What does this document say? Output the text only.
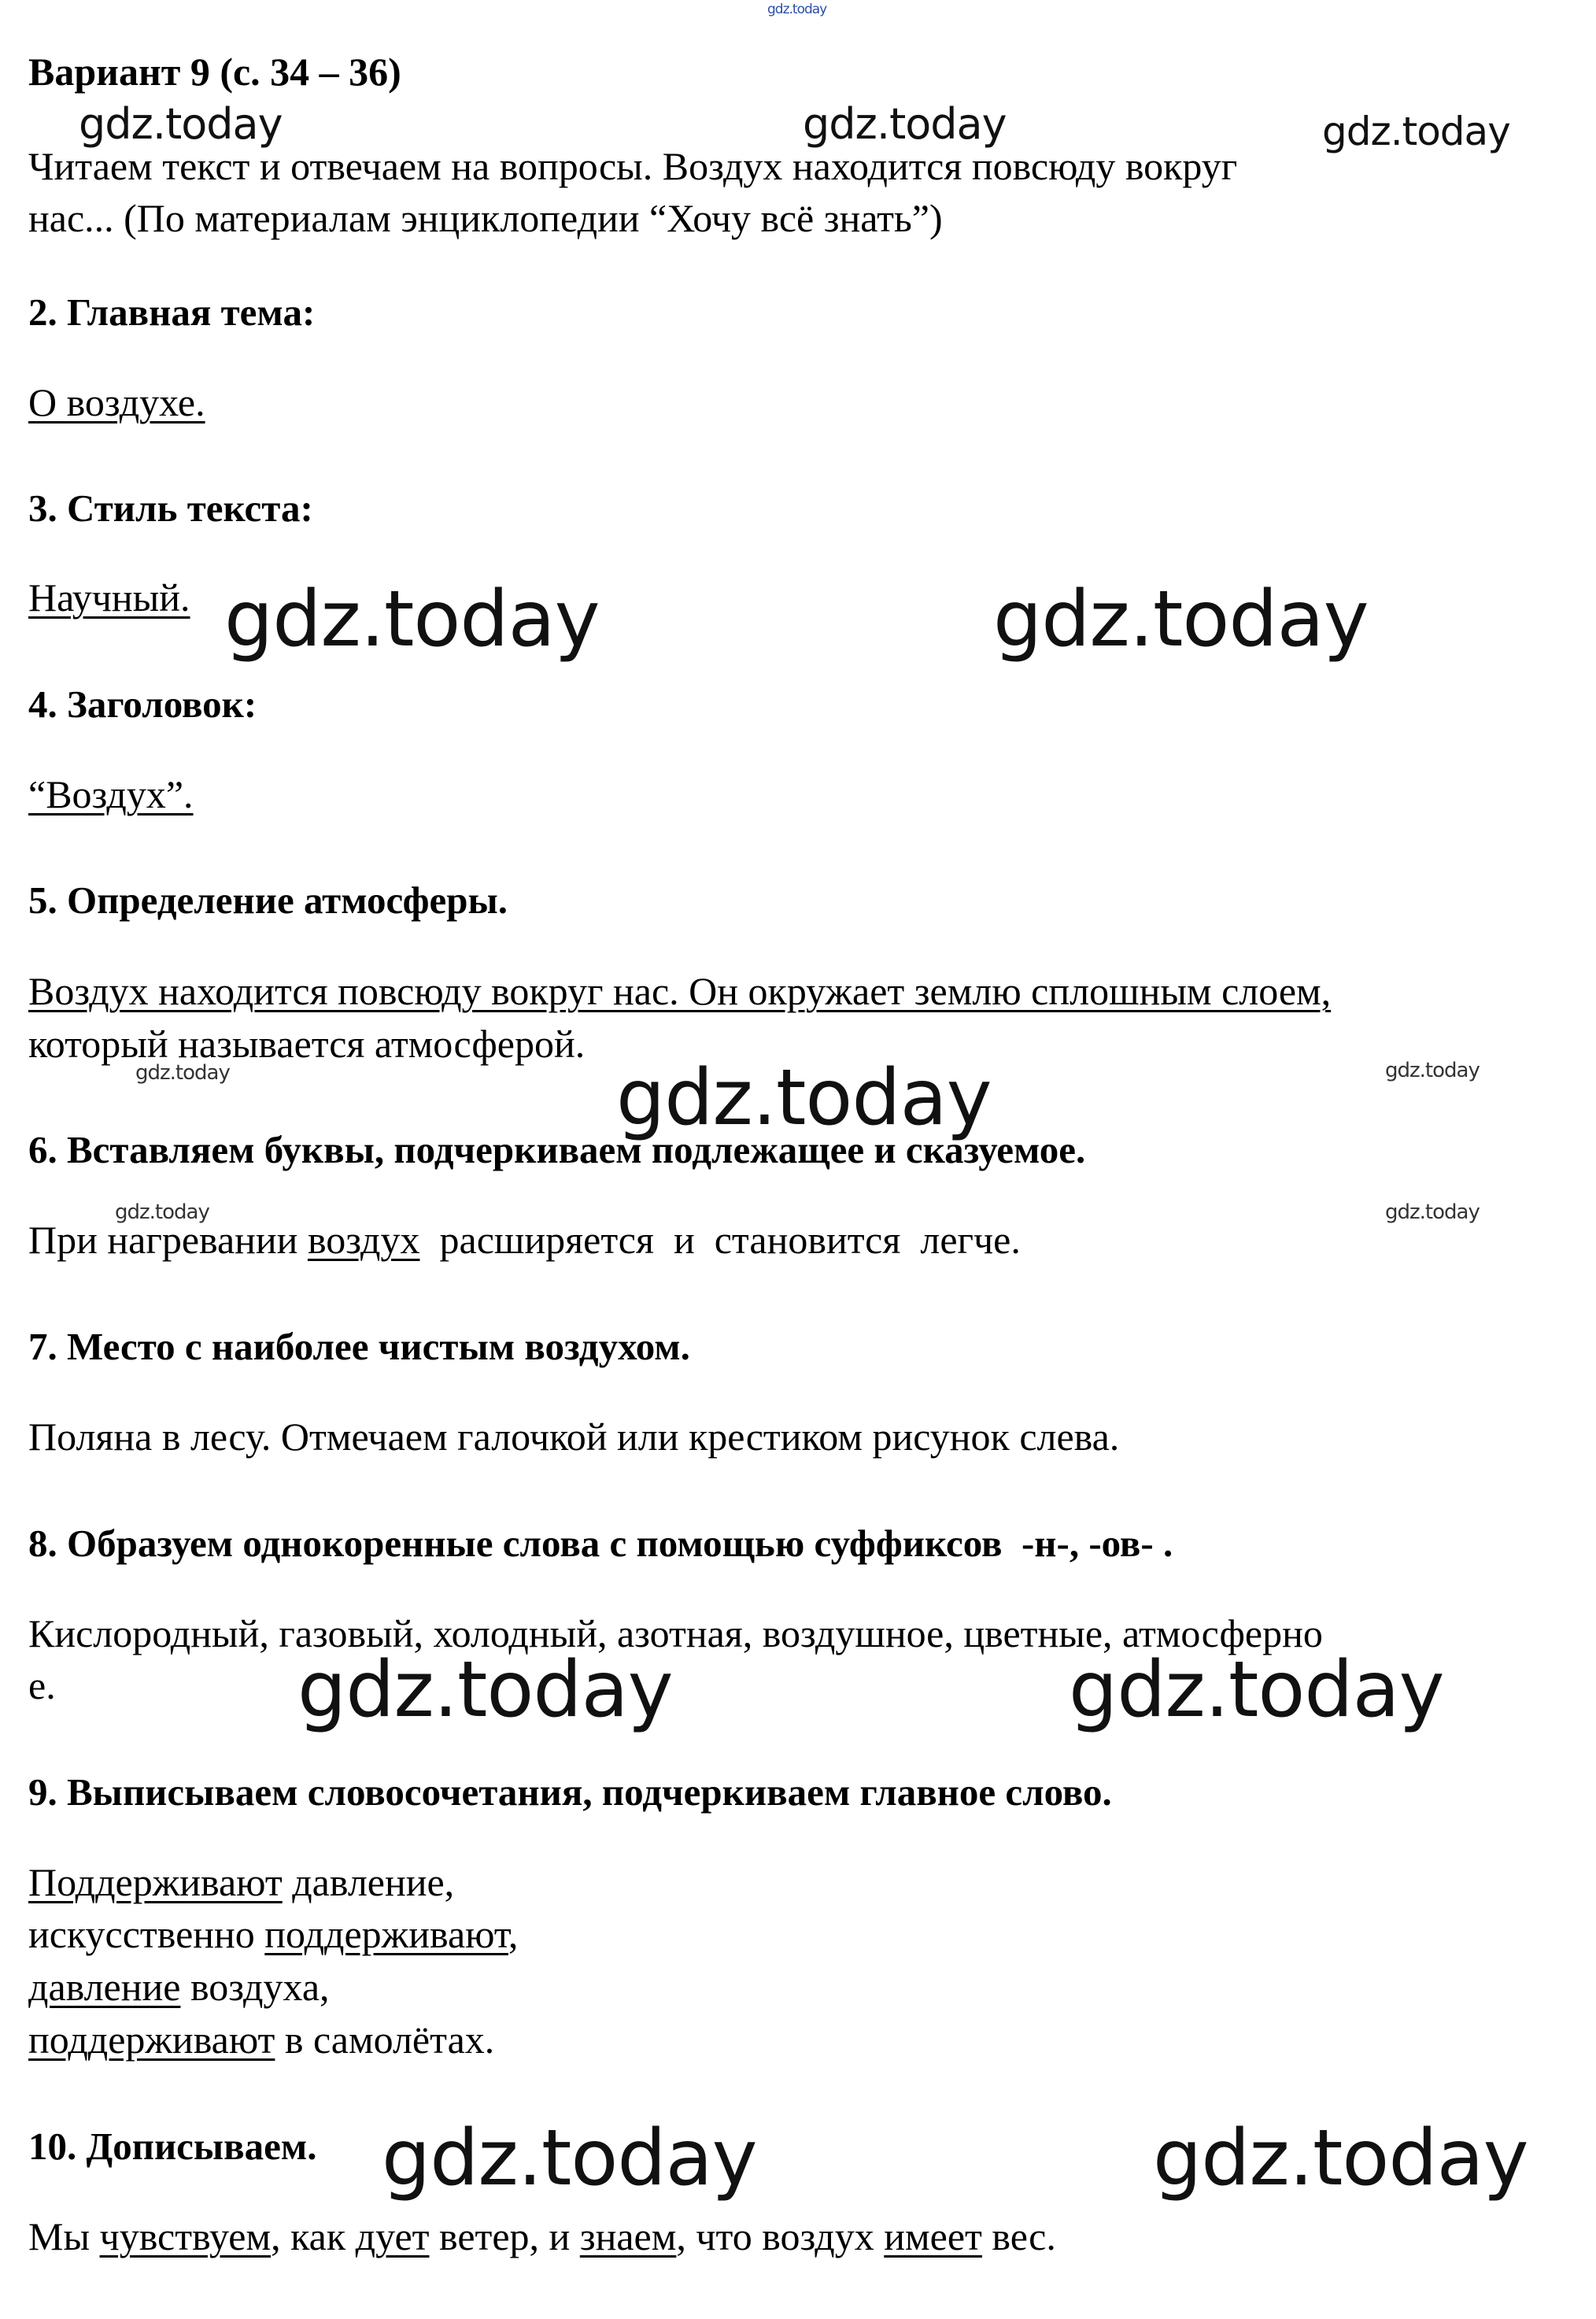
Вариант 9 (с. 34 – 36)
Читаем текст и отвечаем на вопросы. Воздух находится повсюду вокруг
нас... (По материалам энциклопедии “Хочу всё знать”)
2. Главная тема:
О воздухе.
3. Стиль текста:
Научный.
4. Заголовок:
“Воздух”.
5. Определение атмосферы.
Воздух находится повсюду вокруг нас. Он окружает землю сплошным слоем,
который называется атмосферой.
6. Вставляем буквы, подчеркиваем подлежащее и сказуемое.
При нагревании воздух  расширяется  и  становится  легче.
7. Место с наиболее чистым воздухом.
Поляна в лесу. Отмечаем галочкой или крестиком рисунок слева.
8. Образуем однокоренные слова с помощью суффиксов  -н-, -ов- .
Кислородный, газовый, холодный, азотная, воздушное, цветные, атмосферно
е.
9. Выписываем словосочетания, подчеркиваем главное слово.
Поддерживают давление,
искусственно поддерживают,
давление воздуха,
поддерживают в самолётах.
10. Дописываем.
Мы чувствуем, как дует ветер, и знаем, что воздух имеет вес.
gdz.today
gdz.today	gdz.today	gdz.today
gdz.today	gdz.today
gdz.today	gdz.today
gdz.today
gdz.today	gdz.today
gdz.today	gdz.today
gdz.today	gdz.today
